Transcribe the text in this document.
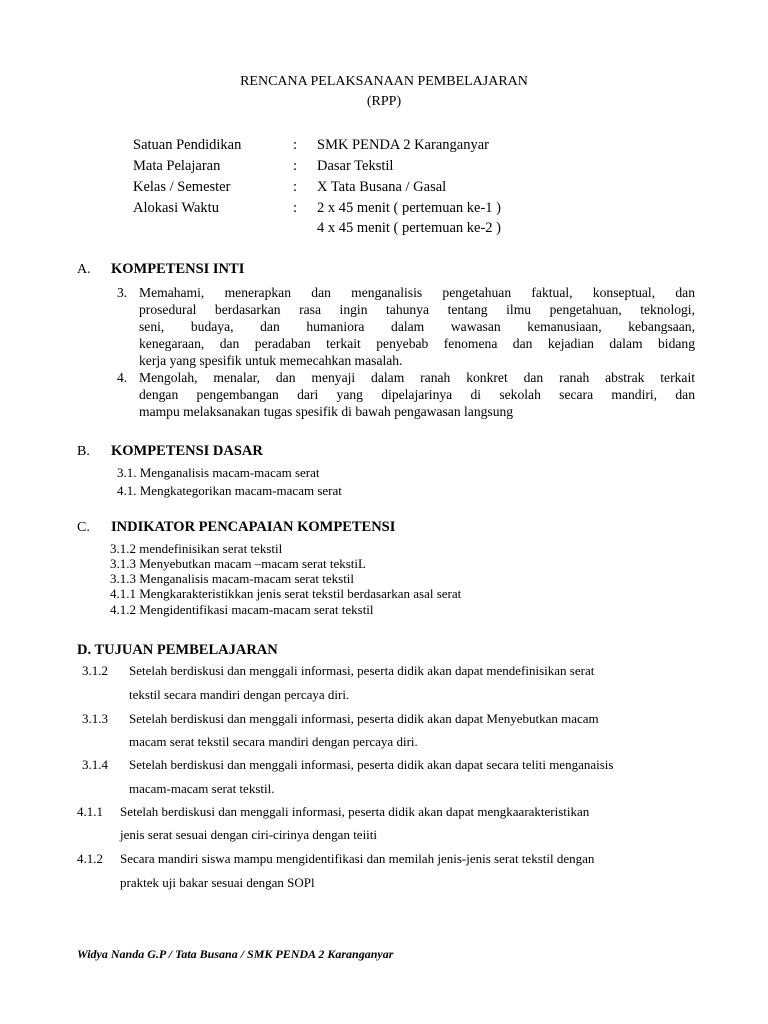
RENCANA PELAKSANAAN PEMBELAJARAN
(RPP)
Satuan Pendidikan	: SMK PENDA 2 Karanganyar
Mata Pelajaran	: Dasar Tekstil
Kelas / Semester	: X Tata Busana / Gasal
Alokasi Waktu	: 2 x 45 menit ( pertemuan ke-1 )
4 x 45 menit ( pertemuan ke-2 )
A. KOMPETENSI INTI
3. Memahami, menerapkan dan menganalisis pengetahuan faktual, konseptual, dan
prosedural berdasarkan rasa ingin tahunya tentang ilmu pengetahuan, teknologi,
seni, budaya, dan humaniora dalam wawasan kemanusiaan, kebangsaan,
kenegaraan, dan peradaban terkait penyebab fenomena dan kejadian dalam bidang
kerja yang spesifik untuk memecahkan masalah.
4. Mengolah, menalar, dan menyaji dalam ranah konkret dan ranah abstrak terkait
dengan pengembangan dari yang dipelajarinya di sekolah secara mandiri, dan
mampu melaksanakan tugas spesifik di bawah pengawasan langsung
B. KOMPETENSI DASAR
3.1. Menganalisis macam-macam serat
4.1. Mengkategorikan macam-macam serat
C. INDIKATOR PENCAPAIAN KOMPETENSI
3.1.2 mendefinisikan serat tekstil
3.1.3 Menyebutkan macam –macam serat tekstiL
3.1.3 Menganalisis macam-macam serat tekstil
4.1.1 Mengkarakteristikkan jenis serat tekstil berdasarkan asal serat
4.1.2 Mengidentifikasi macam-macam serat tekstil
D. TUJUAN PEMBELAJARAN
3.1.2 Setelah berdiskusi dan menggali informasi, peserta didik akan dapat mendefinisikan serat
tekstil secara mandiri dengan percaya diri.
3.1.3 Setelah berdiskusi dan menggali informasi, peserta didik akan dapat Menyebutkan macam
macam serat tekstil secara mandiri dengan percaya diri.
3.1.4 Setelah berdiskusi dan menggali informasi, peserta didik akan dapat secara teliti menganaisis
macam-macam serat tekstil.
4.1.1 Setelah berdiskusi dan menggali informasi, peserta didik akan dapat mengkaarakteristikan
jenis serat sesuai dengan ciri-cirinya dengan teiiti
4.1.2 Secara mandiri siswa mampu mengidentifikasi dan memilah jenis-jenis serat tekstil dengan
praktek uji bakar sesuai dengan SOPl
Widya Nanda G.P / Tata Busana / SMK PENDA 2 Karanganyar
